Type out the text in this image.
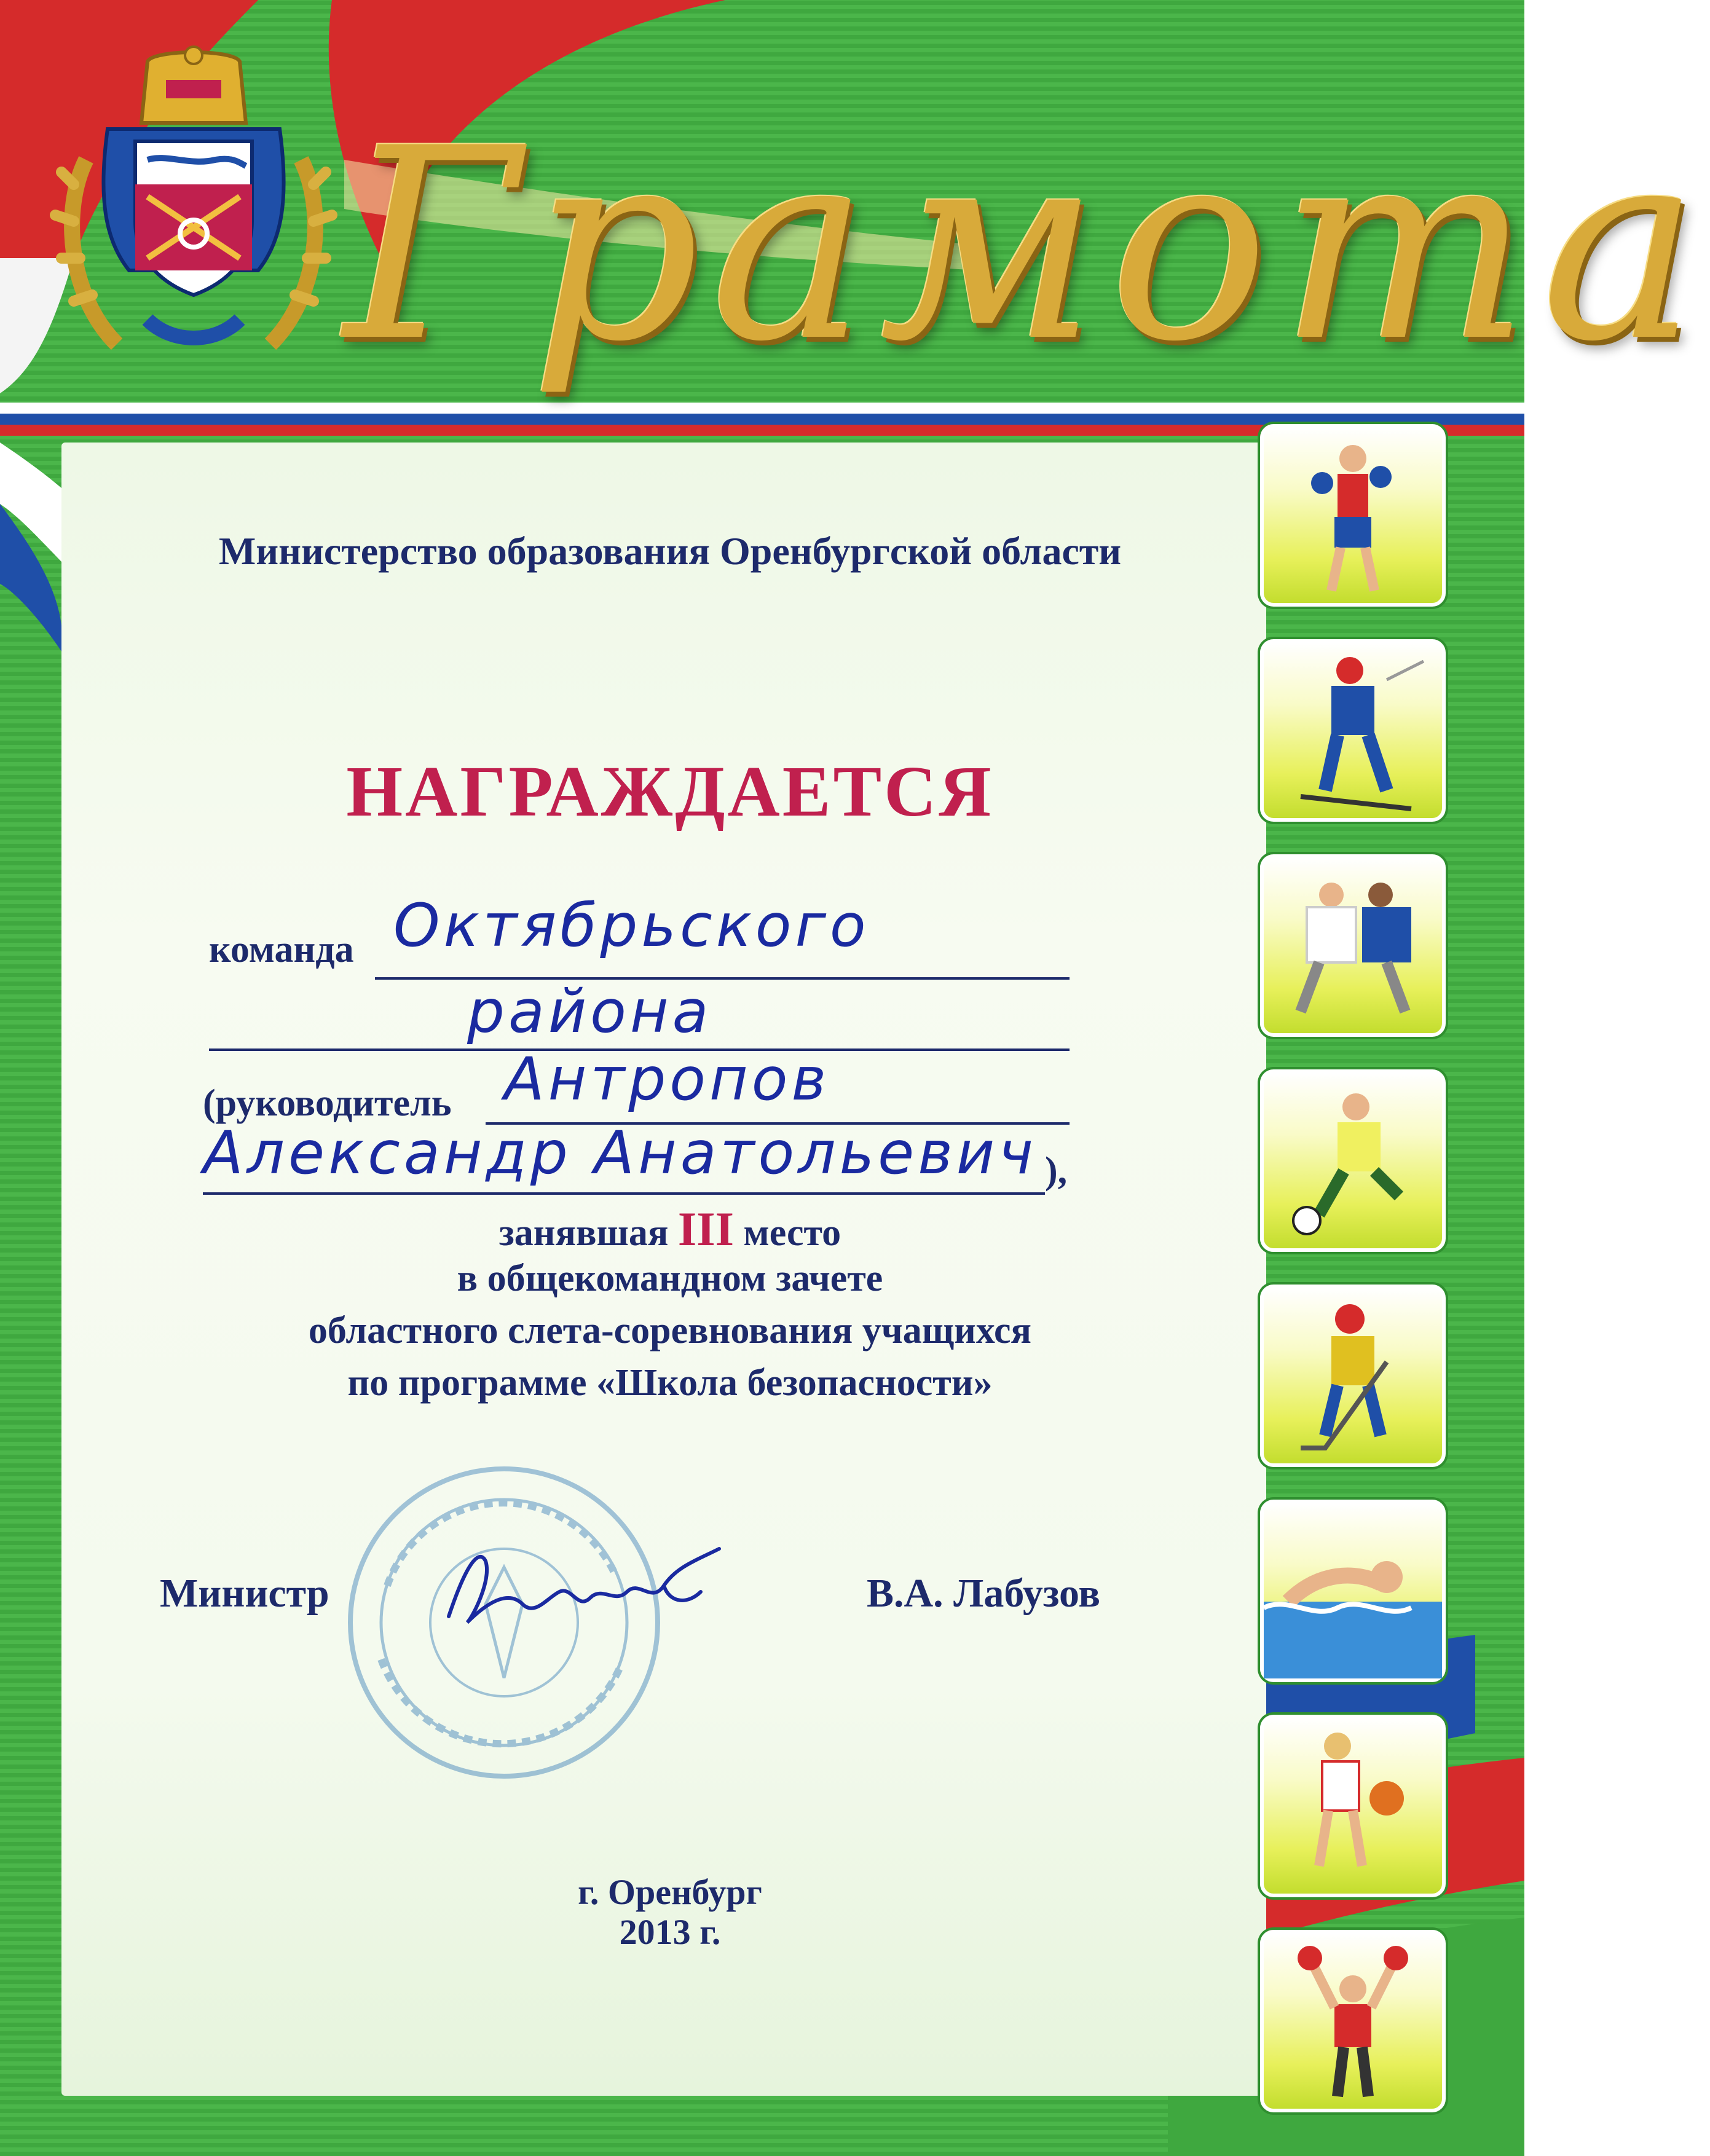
Грамота
Министерство образования Оренбургской области
НАГРАЖДАЕТСЯ
команда Октябрьского
района
(руководитель Антропов
Александр Анатольевич ),
занявшая III место
в общекомандном зачете
областного слета-соревнования учащихся
по программе «Школа безопасности»
Министр	В.А. Лабузов
г. Оренбург
2013 г.
